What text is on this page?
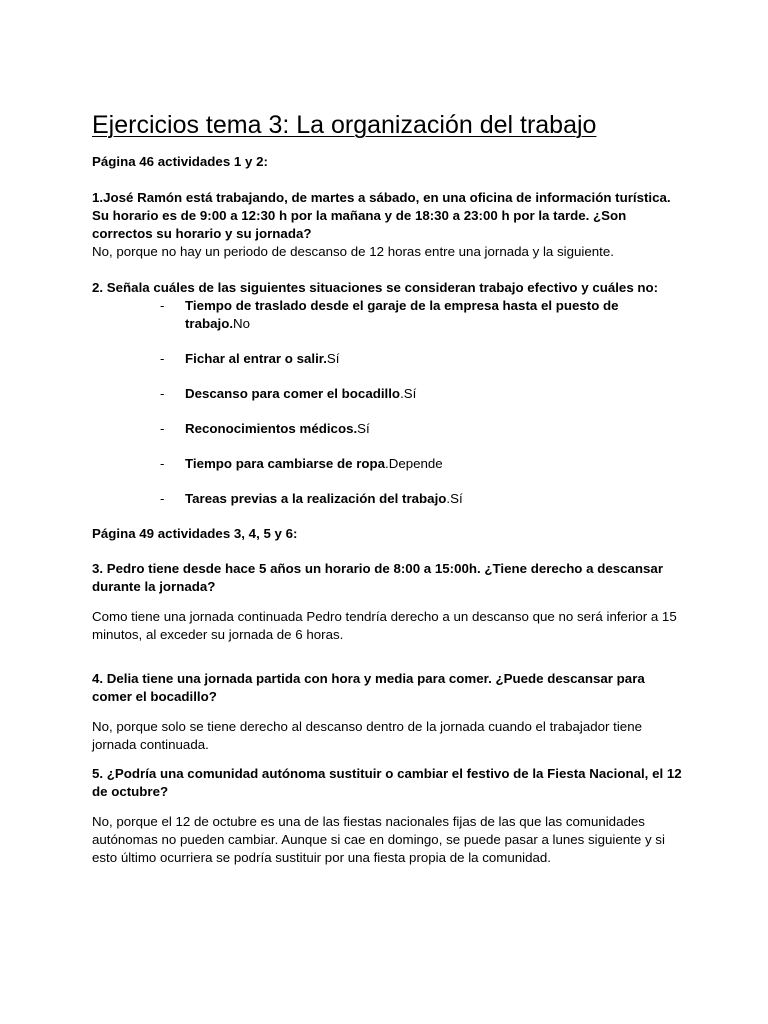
Ejercicios tema 3: La organización del trabajo

Página 46 actividades 1 y 2:

1.José Ramón está trabajando, de martes a sábado, en una oficina de información turística. Su horario es de 9:00 a 12:30 h por la mañana y de 18:30 a 23:00 h por la tarde. ¿Son correctos su horario y su jornada?

No, porque no hay un periodo de descanso de 12 horas entre una jornada y la siguiente.

2. Señala cuáles de las siguientes situaciones se consideran trabajo efectivo y cuáles no:

- Tiempo de traslado desde el garaje de la empresa hasta el puesto de trabajo.No
- Fichar al entrar o salir.Sí
- Descanso para comer el bocadillo.Sí
- Reconocimientos médicos.Sí
- Tiempo para cambiarse de ropa.Depende
- Tareas previas a la realización del trabajo.Sí

Página 49 actividades 3, 4, 5 y 6:

3. Pedro tiene desde hace 5 años un horario de 8:00 a 15:00h. ¿Tiene derecho a descansar durante la jornada?

Como tiene una jornada continuada Pedro tendría derecho a un descanso que no será inferior a 15 minutos, al exceder su jornada de 6 horas.

4. Delia tiene una jornada partida con hora y media para comer. ¿Puede descansar para comer el bocadillo?

No, porque solo se tiene derecho al descanso dentro de la jornada cuando el trabajador tiene jornada continuada.

5. ¿Podría una comunidad autónoma sustituir o cambiar el festivo de la Fiesta Nacional, el 12 de octubre?

No, porque el 12 de octubre es una de las fiestas nacionales fijas de las que las comunidades autónomas no pueden cambiar. Aunque si cae en domingo, se puede pasar a lunes siguiente y si esto último ocurriera se podría sustituir por una fiesta propia de la comunidad.
